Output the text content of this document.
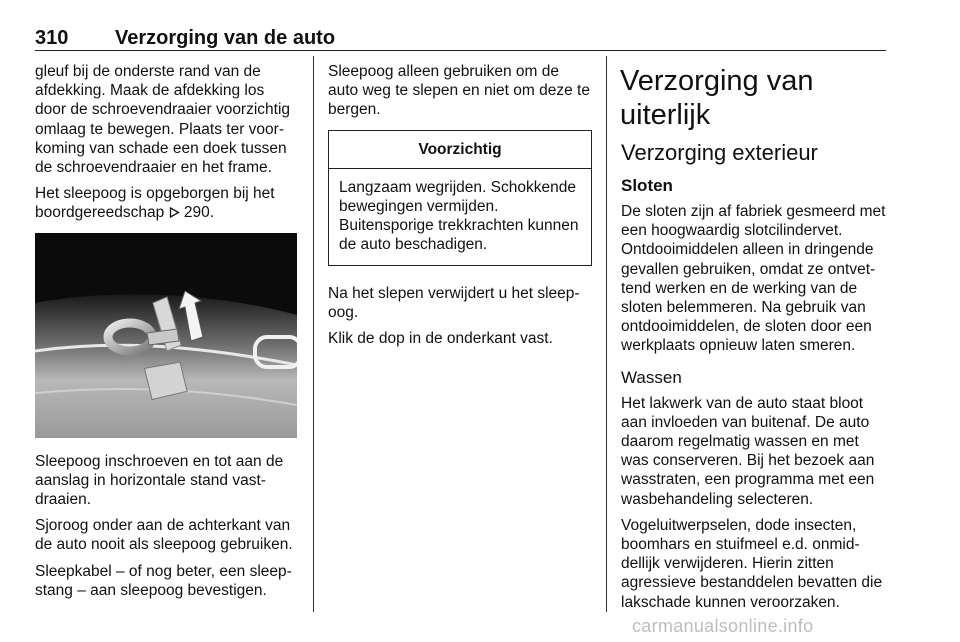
310 Verzorging van de auto

gleuf bij de onderste rand van de afdekking. Maak de afdekking los door de schroevendraaier voorzichtig omlaag te bewegen. Plaats ter voorkoming van schade een doek tussen de schroevendraaier en het frame.

Het sleepoog is opgeborgen bij het boordgereedschap 290.

Sleepoog inschroeven en tot aan de aanslag in horizontale stand vastdraaien.

Sjoroog onder aan de achterkant van de auto nooit als sleepoog gebruiken.

Sleepkabel – of nog beter, een sleepstang – aan sleepoog bevestigen.

Sleepoog alleen gebruiken om de auto weg te slepen en niet om deze te bergen.

Voorzichtig
Langzaam wegrijden. Schokkende bewegingen vermijden. Buitensporige trekkrachten kunnen de auto beschadigen.

Na het slepen verwijdert u het sleepoog.

Klik de dop in de onderkant vast.

Verzorging van uiterlijk
Verzorging exterieur
Sloten

De sloten zijn af fabriek gesmeerd met een hoogwaardig slotcilindervet. Ontdooimiddelen alleen in dringende gevallen gebruiken, omdat ze ontvettend werken en de werking van de sloten belemmeren. Na gebruik van ontdooimiddelen, de sloten door een werkplaats opnieuw laten smeren.

Wassen

Het lakwerk van de auto staat bloot aan invloeden van buitenaf. De auto daarom regelmatig wassen en met was conserveren. Bij het bezoek aan wasstraten, een programma met een wasbehandeling selecteren.

Vogeluitwerpselen, dode insecten, boomhars en stuifmeel e.d. onmiddellijk verwijderen. Hierin zitten agressieve bestanddelen bevatten die lakschade kunnen veroorzaken.

carmanualsonline.info
